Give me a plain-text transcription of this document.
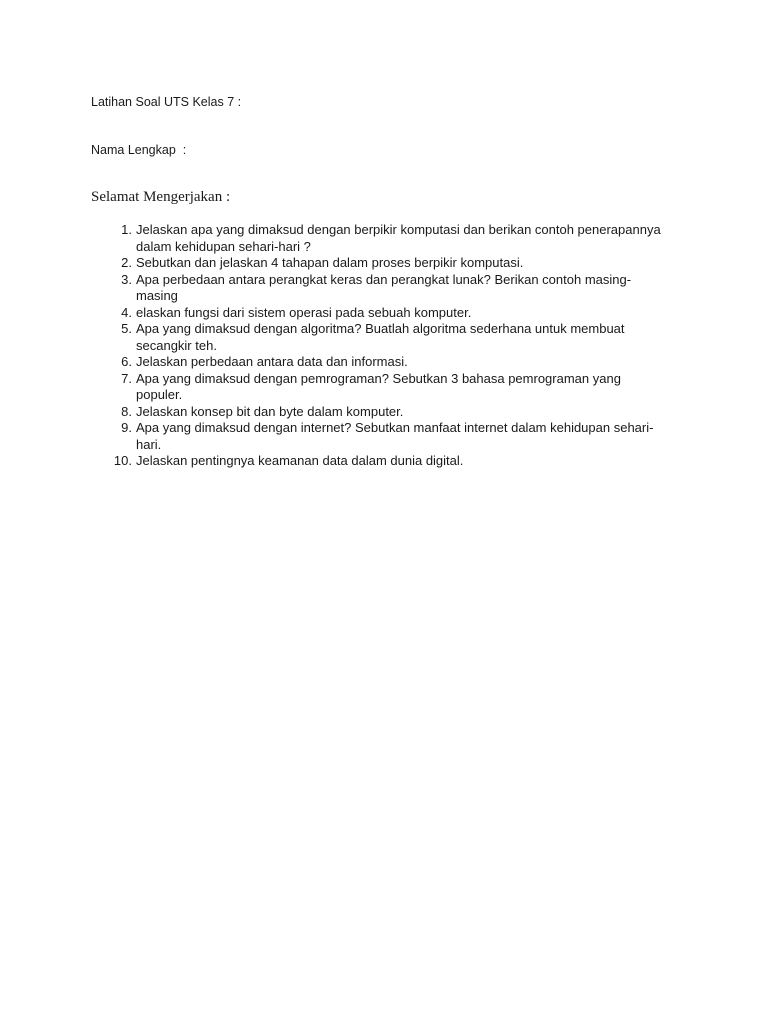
Latihan Soal UTS Kelas 7 :
Nama Lengkap  :
Selamat Mengerjakan :
1. Jelaskan apa yang dimaksud dengan berpikir komputasi dan berikan contoh penerapannya dalam kehidupan sehari-hari ?
2. Sebutkan dan jelaskan 4 tahapan dalam proses berpikir komputasi.
3. Apa perbedaan antara perangkat keras dan perangkat lunak? Berikan contoh masing-masing
4. elaskan fungsi dari sistem operasi pada sebuah komputer.
5. Apa yang dimaksud dengan algoritma? Buatlah algoritma sederhana untuk membuat secangkir teh.
6. Jelaskan perbedaan antara data dan informasi.
7. Apa yang dimaksud dengan pemrograman? Sebutkan 3 bahasa pemrograman yang populer.
8. Jelaskan konsep bit dan byte dalam komputer.
9. Apa yang dimaksud dengan internet? Sebutkan manfaat internet dalam kehidupan sehari-hari.
10. Jelaskan pentingnya keamanan data dalam dunia digital.
